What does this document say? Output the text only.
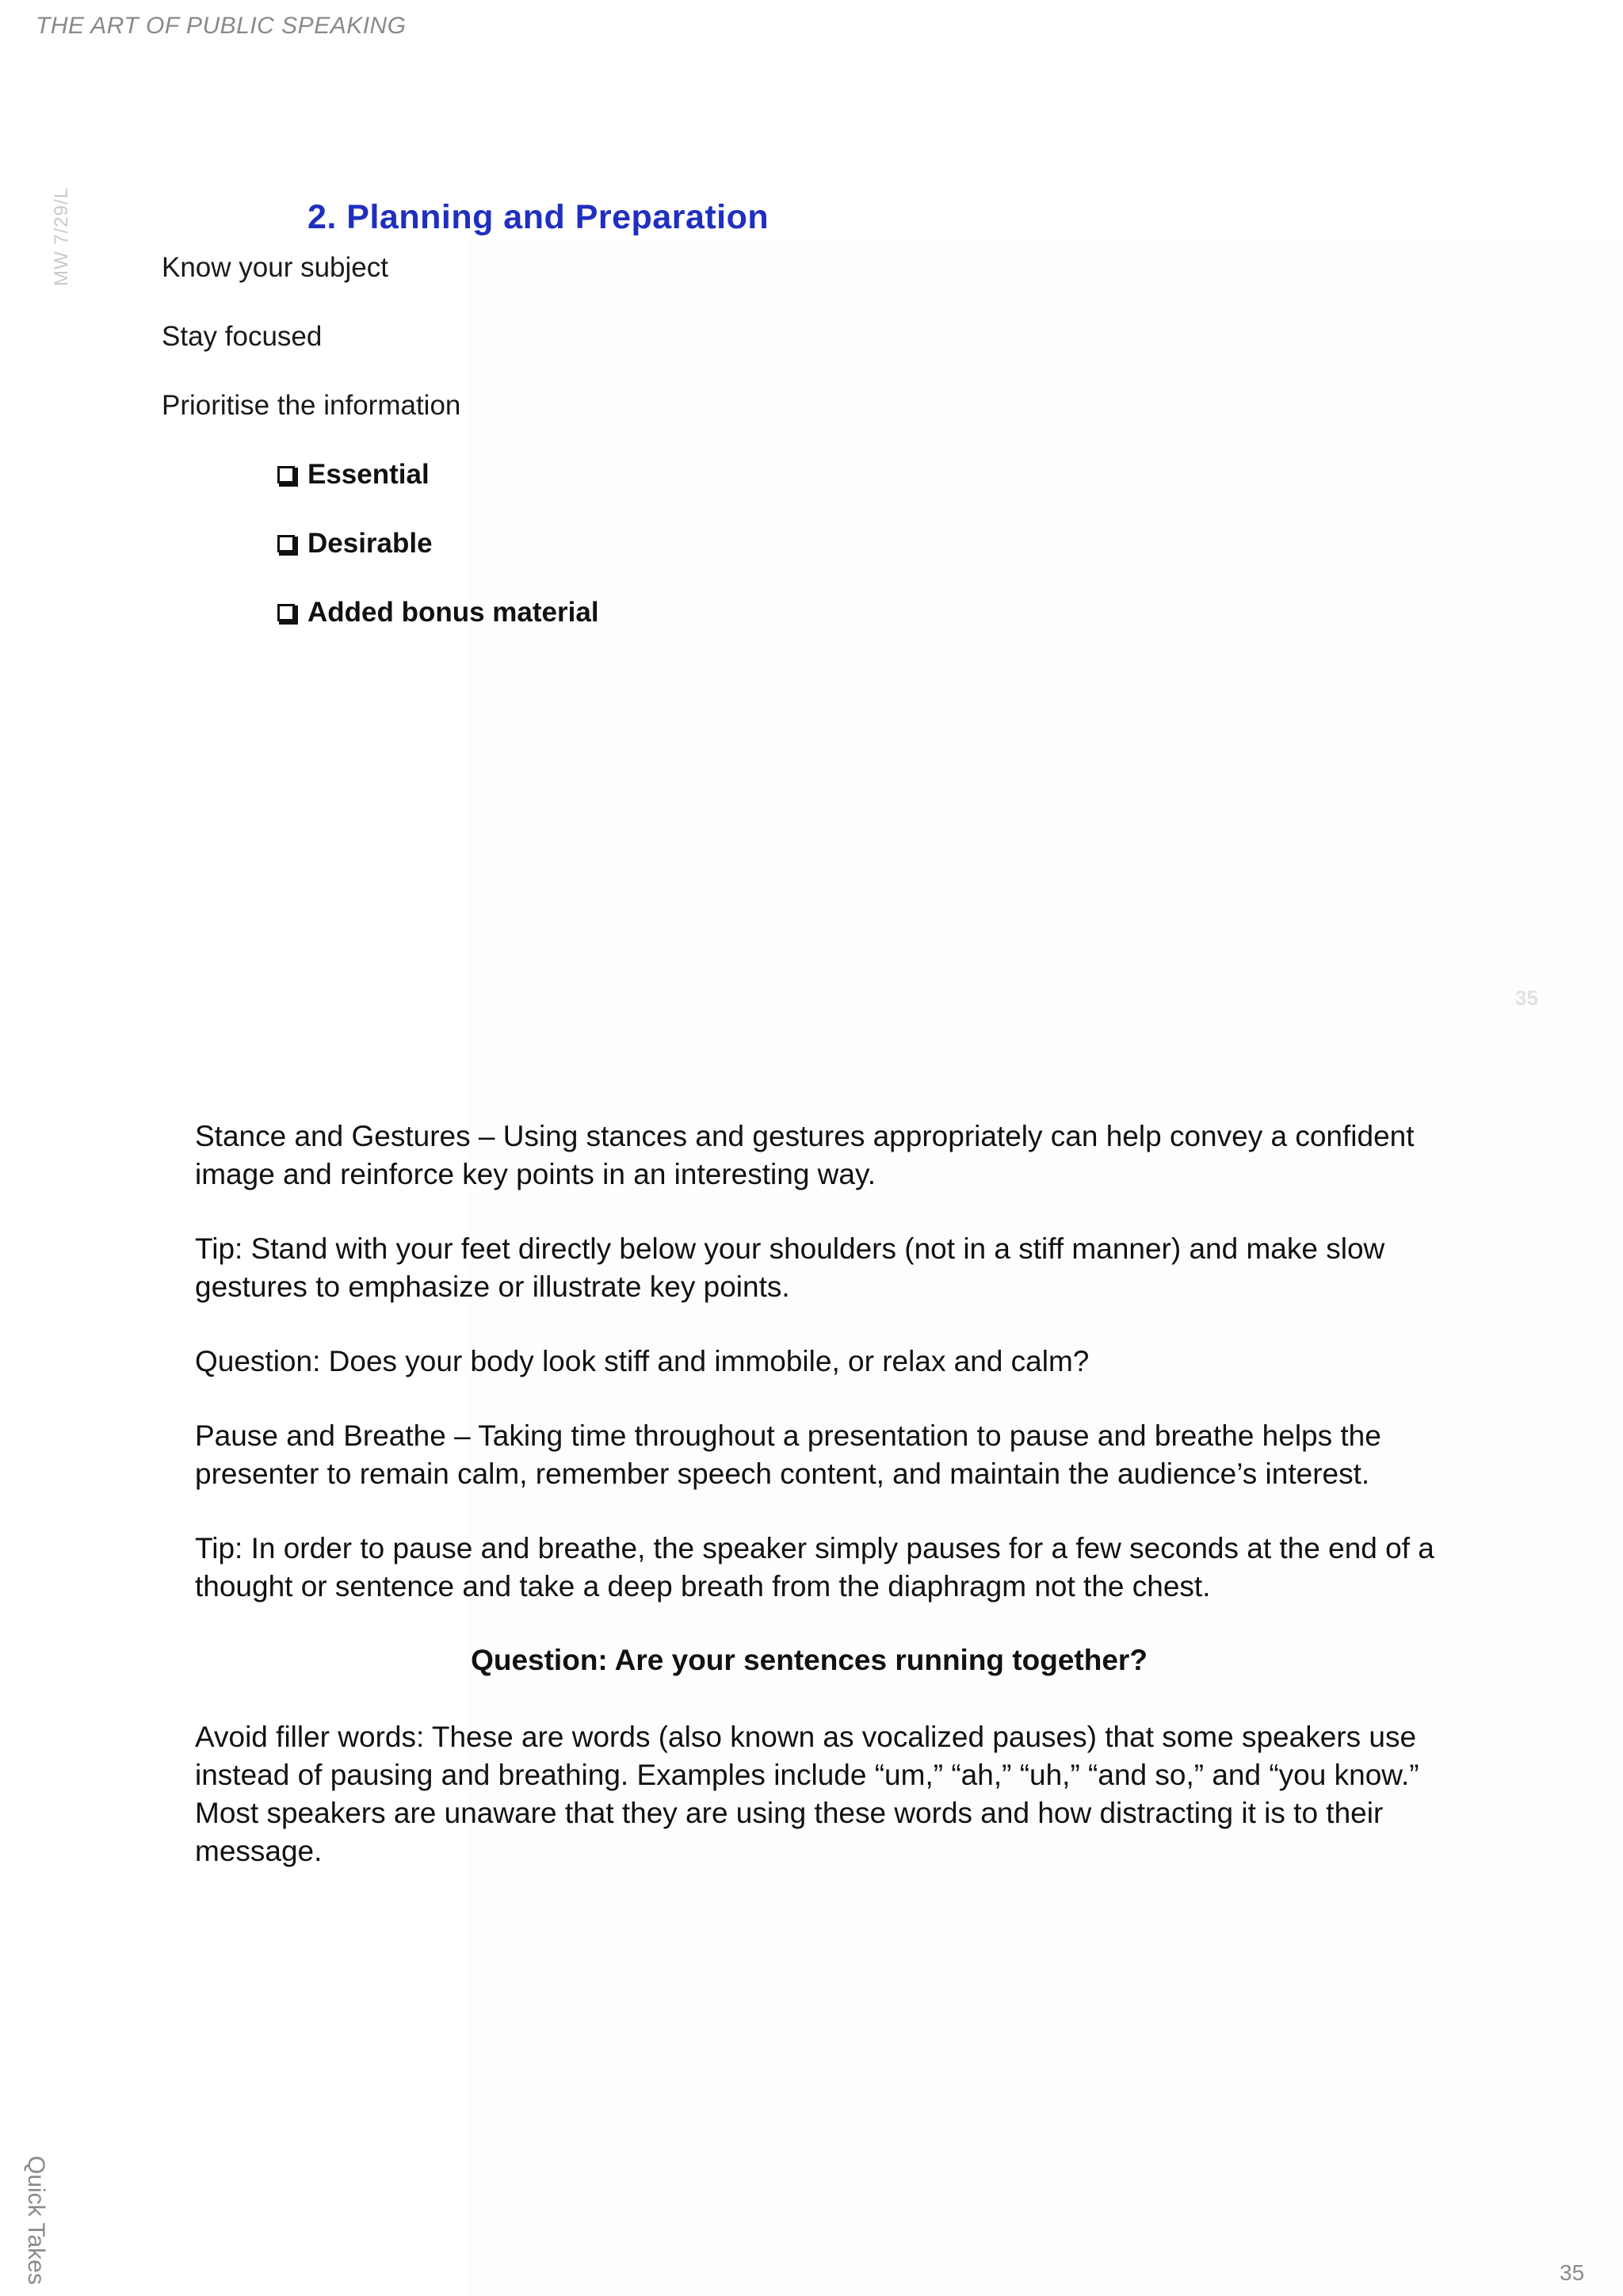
THE ART OF PUBLIC SPEAKING
MW 7/29/L
35
2. Planning and Preparation
Know your subject
Stay focused
Prioritise the information
Essential
Desirable
Added bonus material
Stance and Gestures – Using stances and gestures appropriately can help convey a confident image and reinforce key points in an interesting way.
Tip: Stand with your feet directly below your shoulders (not in a stiff manner) and make slow gestures to emphasize or illustrate key points.
Question: Does your body look stiff and immobile, or relax and calm?
Pause and Breathe – Taking time throughout a presentation to pause and breathe helps the presenter to remain calm, remember speech content, and maintain the audience’s interest.
Tip: In order to pause and breathe, the speaker simply pauses for a few seconds at the end of a thought or sentence and take a deep breath from the diaphragm not the chest.
Question: Are your sentences running together?
Avoid filler words: These are words (also known as vocalized pauses) that some speakers use instead of pausing and breathing. Examples include “um,” “ah,” “uh,” “and so,” and “you know.” Most speakers are unaware that they are using these words and how distracting it is to their message.
Quick Takes	35
